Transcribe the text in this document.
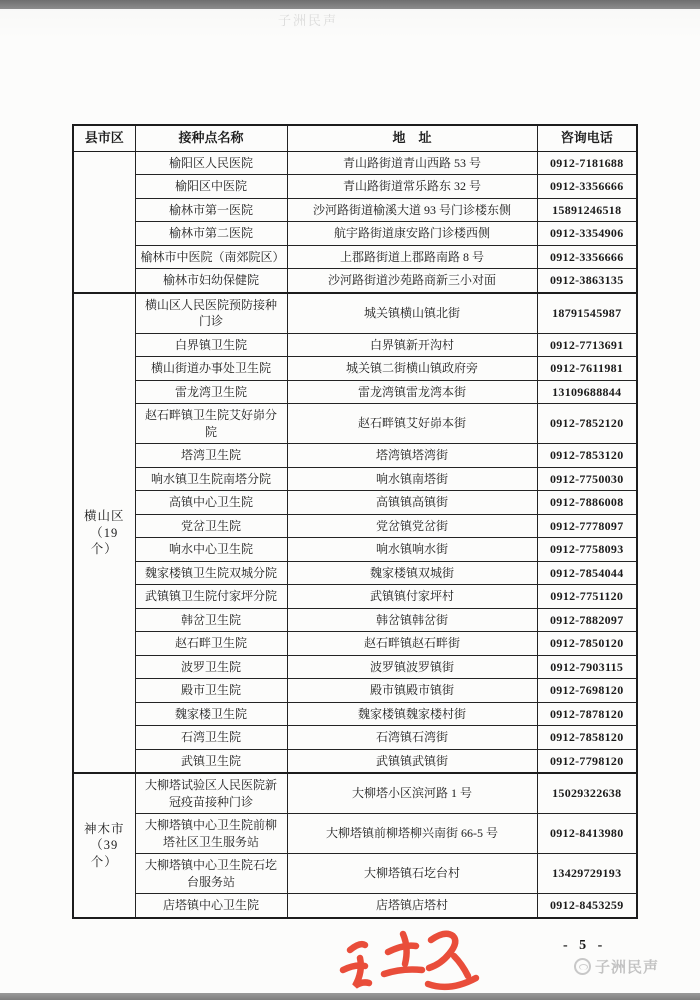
子洲民声
县市区	接种点名称	地　址	咨询电话

	榆阳区人民医院	青山路街道青山西路 53 号	0912-7181688
	榆阳区中医院	青山路街道常乐路东 32 号	0912-3356666
	榆林市第一医院	沙河路街道榆溪大道 93 号门诊楼东侧	15891246518
	榆林市第二医院	航宇路街道康安路门诊楼西侧	0912-3354906
	榆林市中医院（南郊院区）	上郡路街道上郡路南路 8 号	0912-3356666
	榆林市妇幼保健院	沙河路街道沙苑路商新三小对面	0912-3863135

横山区
（19 个）	横山区人民医院预防接种门诊	城关镇横山镇北街	18791545987
	白界镇卫生院	白界镇新开沟村	0912-7713691
	横山街道办事处卫生院	城关镇二街横山镇政府旁	0912-7611981
	雷龙湾卫生院	雷龙湾镇雷龙湾本街	13109688844
	赵石畔镇卫生院艾好峁分院	赵石畔镇艾好峁本街	0912-7852120
	塔湾卫生院	塔湾镇塔湾街	0912-7853120
	响水镇卫生院南塔分院	响水镇南塔街	0912-7750030
	高镇中心卫生院	高镇镇高镇街	0912-7886008
	党岔卫生院	党岔镇党岔街	0912-7778097
	响水中心卫生院	响水镇响水街	0912-7758093
	魏家楼镇卫生院双城分院	魏家楼镇双城街	0912-7854044
	武镇镇卫生院付家坪分院	武镇镇付家坪村	0912-7751120
	韩岔卫生院	韩岔镇韩岔街	0912-7882097
	赵石畔卫生院	赵石畔镇赵石畔街	0912-7850120
	波罗卫生院	波罗镇波罗镇街	0912-7903115
	殿市卫生院	殿市镇殿市镇街	0912-7698120
	魏家楼卫生院	魏家楼镇魏家楼村街	0912-7878120
	石湾卫生院	石湾镇石湾街	0912-7858120
	武镇卫生院	武镇镇武镇街	0912-7798120

神木市
（39 个）	大柳塔试验区人民医院新冠疫苗接种门诊	大柳塔小区滨河路 1 号	15029322638
	大柳塔镇中心卫生院前柳塔社区卫生服务站	大柳塔镇前柳塔柳兴南街 66-5 号	0912-8413980
	大柳塔镇中心卫生院石圪台服务站	大柳塔镇石圪台村	13429729193
	店塔镇中心卫生院	店塔镇店塔村	0912-8453259
- 5 -
子洲民声
